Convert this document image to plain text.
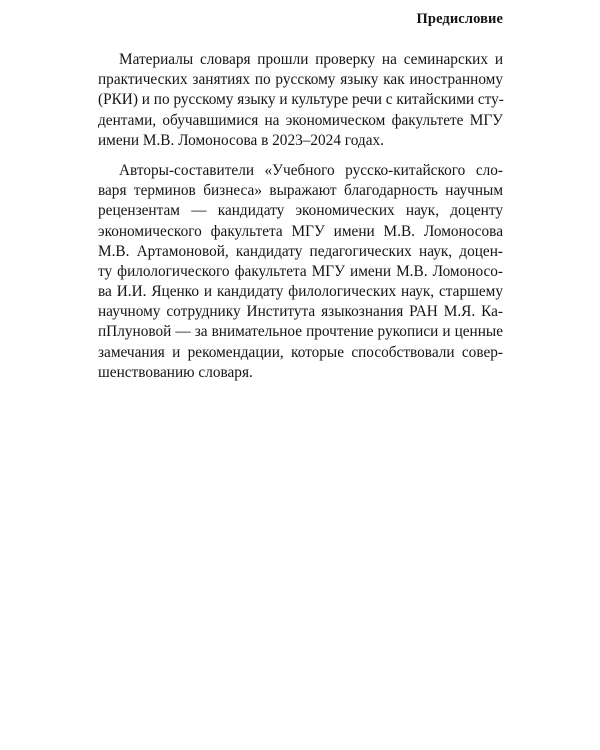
Предисловие
Материалы словаря прошли проверку на семинарских и
практических занятиях по русскому языку как иностранному
(РКИ) и по русскому языку и культуре речи с китайскими сту-
дентами, обучавшимися на экономическом факультете МГУ
имени М.В. Ломоносова в 2023–2024 годах.
Авторы-составители «Учебного русско-китайского сло-
варя терминов бизнеса» выражают благодарность научным
рецензентам — кандидату экономических наук, доценту
экономического факультета МГУ имени М.В. Ломоносова
М.В. Артамоновой, кандидату педагогических наук, доцен-
ту филологического факультета МГУ имени М.В. Ломоносо-
ва И.И. Яценко и кандидату филологических наук, старшему
научному сотруднику Института языкознания РАН М.Я. Ка-
пПлуновой — за внимательное прочтение рукописи и ценные
замечания и рекомендации, которые способствовали совер-
шенствованию словаря.
